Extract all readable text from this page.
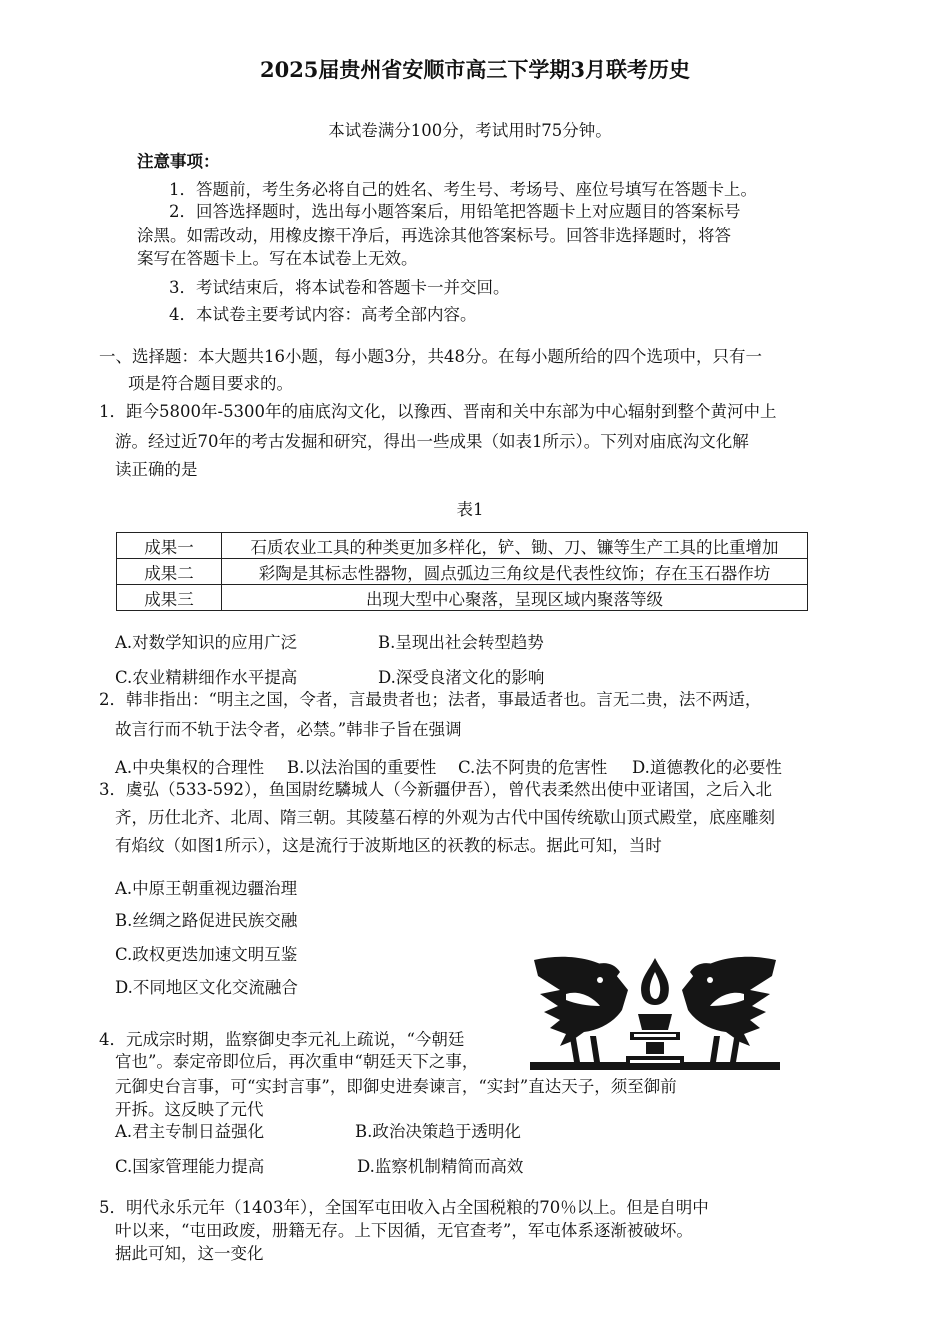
2025届贵州省安顺市高三下学期3月联考历史
本试卷满分100分，考试用时75分钟。
注意事项：
1．答题前，考生务必将自己的姓名、考生号、考场号、座位号填写在答题卡上。
2．回答选择题时，选出每小题答案后，用铅笔把答题卡上对应题目的答案标号
涂黑。如需改动，用橡皮擦干净后，再选涂其他答案标号。回答非选择题时，将答
案写在答题卡上。写在本试卷上无效。
3．考试结束后，将本试卷和答题卡一并交回。
4．本试卷主要考试内容：高考全部内容。
一、选择题：本大题共16小题，每小题3分，共48分。在每小题所给的四个选项中，只有一
项是符合题目要求的。
1．距今5800年-5300年的庙底沟文化，以豫西、晋南和关中东部为中心辐射到整个黄河中上
游。经过近70年的考古发掘和研究，得出一些成果（如表1所示）。下列对庙底沟文化解
读正确的是
表1
成果一	石质农业工具的种类更加多样化，铲、锄、刀、镰等生产工具的比重增加
成果二	彩陶是其标志性器物，圆点弧边三角纹是代表性纹饰；存在玉石器作坊
成果三	出现大型中心聚落，呈现区域内聚落等级
A.对数学知识的应用广泛	B.呈现出社会转型趋势
C.农业精耕细作水平提高	D.深受良渚文化的影响
2．韩非指出：“明主之国，令者，言最贵者也；法者，事最适者也。言无二贵，法不两适，
故言行而不轨于法令者，必禁。”韩非子旨在强调
A.中央集权的合理性 B.以法治国的重要性 C.法不阿贵的危害性 D.道德教化的必要性
3．虞弘（533-592），鱼国尉纥驎城人（今新疆伊吾），曾代表柔然出使中亚诸国，之后入北
齐，历仕北齐、北周、隋三朝。其陵墓石椁的外观为古代中国传统歇山顶式殿堂，底座雕刻
有焰纹（如图1所示），这是流行于波斯地区的祆教的标志。据此可知，当时
A.中原王朝重视边疆治理
B.丝绸之路促进民族交融
C.政权更迭加速文明互鉴
D.不同地区文化交流融合
4．元成宗时期，监察御史李元礼上疏说，“今朝廷
官也”。泰定帝即位后，再次重申“朝廷天下之事，
元御史台言事，可“实封言事”，即御史进奏谏言，“实封”直达天子，须至御前
开拆。这反映了元代
A.君主专制日益强化	B.政治决策趋于透明化
C.国家管理能力提高	D.监察机制精简而高效
5．明代永乐元年（1403年），全国军屯田收入占全国税粮的70％以上。但是自明中
叶以来，“屯田政废，册籍无存。上下因循，无官查考”，军屯体系逐渐被破坏。
据此可知，这一变化
